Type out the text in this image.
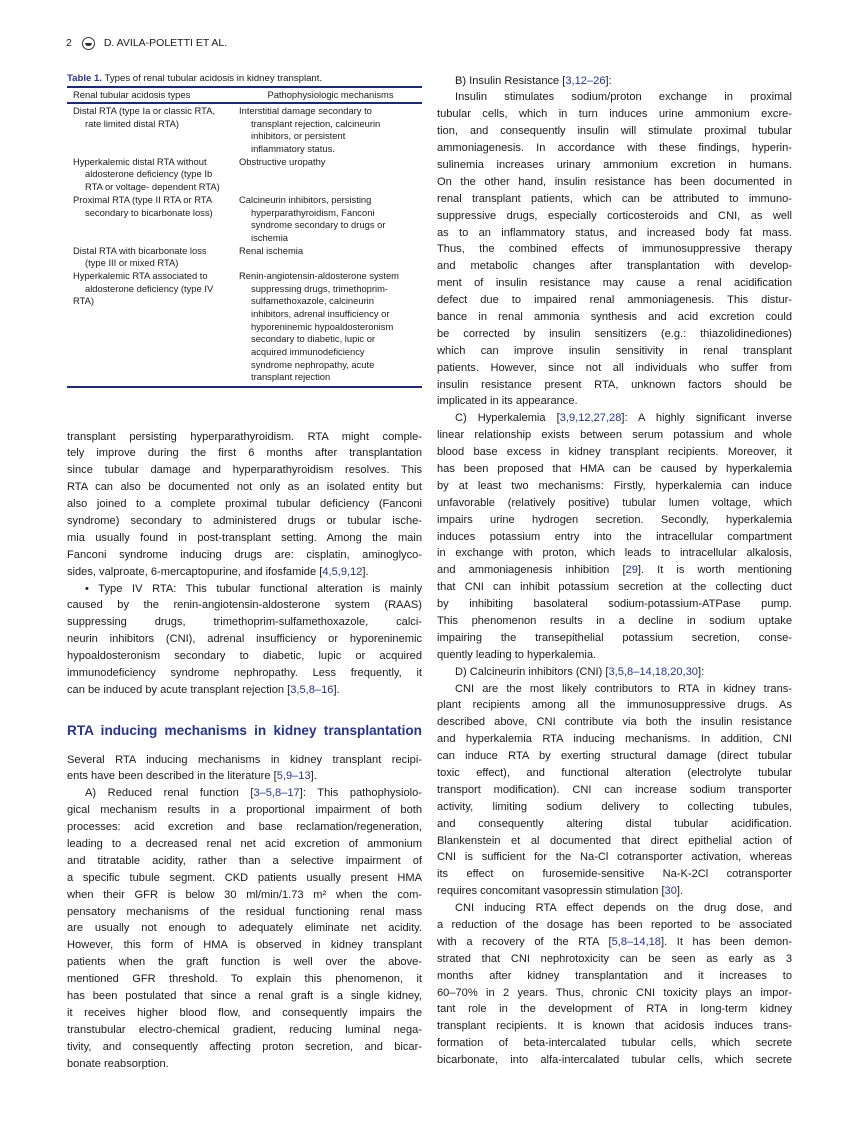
2	D. AVILA-POLETTI ET AL.
Table 1. Types of renal tubular acidosis in kidney transplant.
Renal tubular acidosis types	Pathophysiologic mechanisms
Distal RTA (type Ia or classic RTA,
rate limited distal RTA)
Interstitial damage secondary to
transplant rejection, calcineurin
inhibitors, or persistent
inflammatory status.
Hyperkalemic distal RTA without
aldosterone deficiency (type Ib
RTA or voltage- dependent RTA)
Obstructive uropathy
Proximal RTA (type II RTA or RTA
secondary to bicarbonate loss)
Calcineurin inhibitors, persisting
hyperparathyroidism, Fanconi
syndrome secondary to drugs or
ischemia
Distal RTA with bicarbonate loss
(type III or mixed RTA)
Renal ischemia
Hyperkalemic RTA associated to
aldosterone deficiency (type IV
RTA)
Renin-angiotensin-aldosterone system
suppressing drugs, trimethoprim-
sulfamethoxazole, calcineurin
inhibitors, adrenal insufficiency or
hyporeninemic hypoaldosteronism
secondary to diabetic, lupic or
acquired immunodeficiency
syndrome nephropathy, acute
transplant rejection
transplant persisting hyperparathyroidism. RTA might comple-
tely improve during the first 6 months after transplantation
since tubular damage and hyperparathyroidism resolves. This
RTA can also be documented not only as an isolated entity but
also joined to a complete proximal tubular deficiency (Fanconi
syndrome) secondary to administered drugs or tubular ische-
mia usually found in post-transplant setting. Among the main
Fanconi syndrome inducing drugs are: cisplatin, aminoglyco-
sides, valproate, 6-mercaptopurine, and ifosfamide [4,5,9,12].
• Type IV RTA: This tubular functional alteration is mainly
caused by the renin-angiotensin-aldosterone system (RAAS)
suppressing drugs, trimethoprim-sulfamethoxazole, calci-
neurin inhibitors (CNI), adrenal insufficiency or hyporeninemic
hypoaldosteronism secondary to diabetic, lupic or acquired
immunodeficiency syndrome nephropathy. Less frequently, it
can be induced by acute transplant rejection [3,5,8–16].
RTA inducing mechanisms in kidney transplantation
Several RTA inducing mechanisms in kidney transplant recipi-
ents have been described in the literature [5,9–13].
A) Reduced renal function [3–5,8–17]: This pathophysiolo-
gical mechanism results in a proportional impairment of both
processes: acid excretion and base reclamation/regeneration,
leading to a decreased renal net acid excretion of ammonium
and titratable acidity, rather than a selective impairment of
a specific tubule segment. CKD patients usually present HMA
when their GFR is below 30 ml/min/1.73 m² when the com-
pensatory mechanisms of the residual functioning renal mass
are usually not enough to adequately eliminate net acidity.
However, this form of HMA is observed in kidney transplant
patients when the graft function is well over the above-
mentioned GFR threshold. To explain this phenomenon, it
has been postulated that since a renal graft is a single kidney,
it receives higher blood flow, and consequently impairs the
transtubular electro-chemical gradient, reducing luminal nega-
tivity, and consequently affecting proton secretion, and bicar-
bonate reabsorption.
B) Insulin Resistance [3,12–26]:
Insulin stimulates sodium/proton exchange in proximal
tubular cells, which in turn induces urine ammonium excre-
tion, and consequently insulin will stimulate proximal tubular
ammoniagenesis. In accordance with these findings, hyperin-
sulinemia increases urinary ammonium excretion in humans.
On the other hand, insulin resistance has been documented in
renal transplant patients, which can be attributed to immuno-
suppressive drugs, especially corticosteroids and CNI, as well
as to an inflammatory status, and increased body fat mass.
Thus, the combined effects of immunosuppressive therapy
and metabolic changes after transplantation with develop-
ment of insulin resistance may cause a renal acidification
defect due to impaired renal ammoniagenesis. This distur-
bance in renal ammonia synthesis and acid excretion could
be corrected by insulin sensitizers (e.g.: thiazolidinediones)
which can improve insulin sensitivity in renal transplant
patients. However, since not all individuals who suffer from
insulin resistance present RTA, unknown factors should be
implicated in its appearance.
C) Hyperkalemia [3,9,12,27,28]: A highly significant inverse
linear relationship exists between serum potassium and whole
blood base excess in kidney transplant recipients. Moreover, it
has been proposed that HMA can be caused by hyperkalemia
by at least two mechanisms: Firstly, hyperkalemia can induce
unfavorable (relatively positive) tubular lumen voltage, which
impairs urine hydrogen secretion. Secondly, hyperkalemia
induces potassium entry into the intracellular compartment
in exchange with proton, which leads to intracellular alkalosis,
and ammoniagenesis inhibition [29]. It is worth mentioning
that CNI can inhibit potassium secretion at the collecting duct
by inhibiting basolateral sodium-potassium-ATPase pump.
This phenomenon results in a decline in sodium uptake
impairing the transepithelial potassium secretion, conse-
quently leading to hyperkalemia.
D) Calcineurin inhibitors (CNI) [3,5,8–14,18,20,30]:
CNI are the most likely contributors to RTA in kidney trans-
plant recipients among all the immunosuppressive drugs. As
described above, CNI contribute via both the insulin resistance
and hyperkalemia RTA inducing mechanisms. In addition, CNI
can induce RTA by exerting structural damage (direct tubular
toxic effect), and functional alteration (electrolyte tubular
transport modification). CNI can increase sodium transporter
activity, limiting sodium delivery to collecting tubules,
and consequently altering distal tubular acidification.
Blankenstein et al documented that direct epithelial action of
CNI is sufficient for the Na-Cl cotransporter activation, whereas
its effect on furosemide-sensitive Na-K-2Cl cotransporter
requires concomitant vasopressin stimulation [30].
CNI inducing RTA effect depends on the drug dose, and
a reduction of the dosage has been reported to be associated
with a recovery of the RTA [5,8–14,18]. It has been demon-
strated that CNI nephrotoxicity can be seen as early as 3
months after kidney transplantation and it increases to
60–70% in 2 years. Thus, chronic CNI toxicity plays an impor-
tant role in the development of RTA in long-term kidney
transplant recipients. It is known that acidosis induces trans-
formation of beta-intercalated tubular cells, which secrete
bicarbonate, into alfa-intercalated tubular cells, which secrete
